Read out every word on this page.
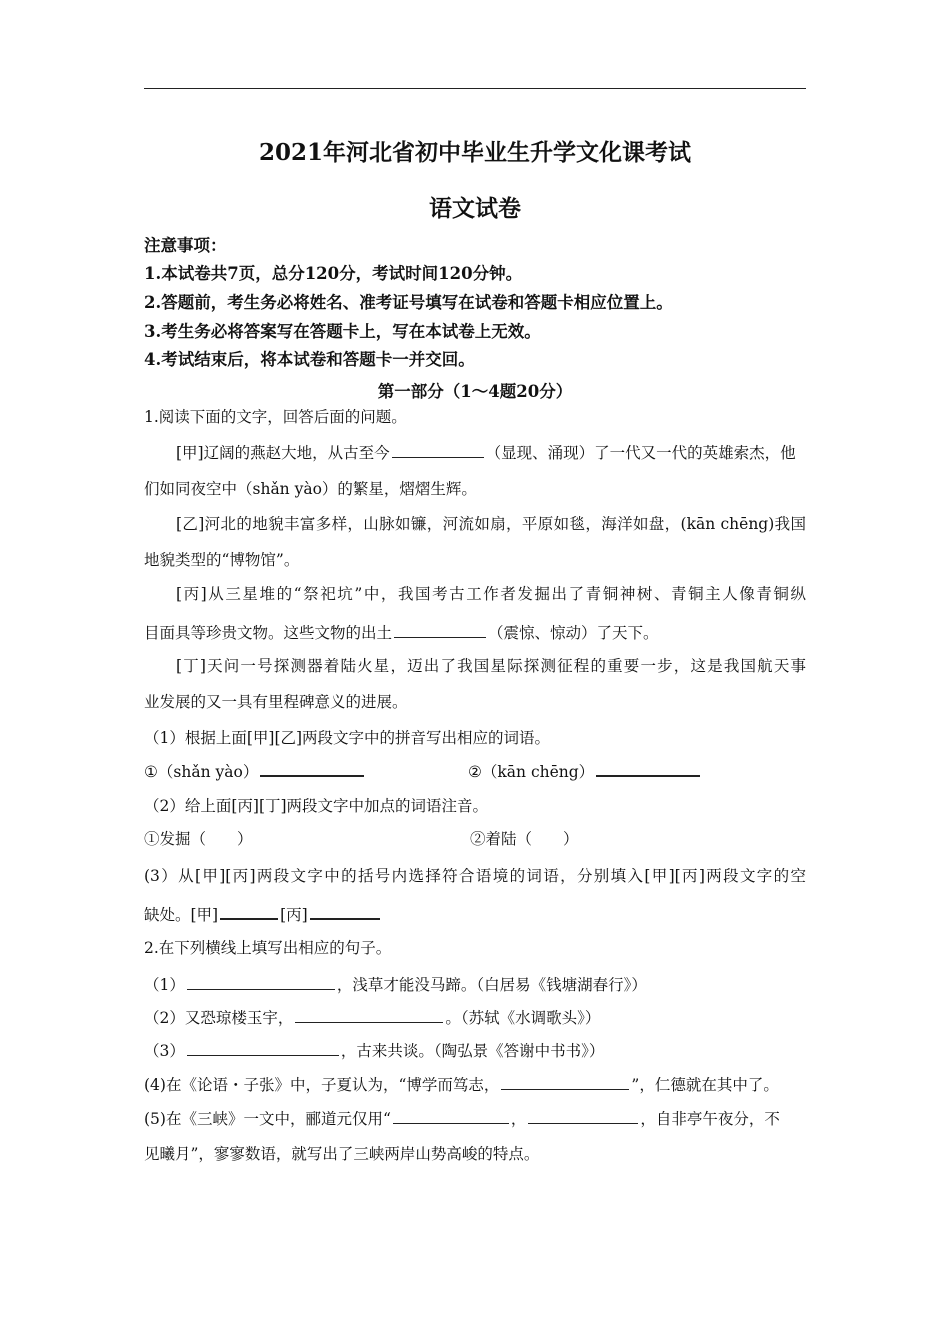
2021年河北省初中毕业生升学文化课考试
语文试卷
注意事项：
1.本试卷共7页，总分120分，考试时间120分钟。
2.答题前，考生务必将姓名、准考证号填写在试卷和答题卡相应位置上。
3.考生务必将答案写在答题卡上，写在本试卷上无效。
4.考试结束后，将本试卷和答题卡一并交回。
第一部分（1～4题20分）
1.阅读下面的文字，回答后面的问题。
[甲]辽阔的燕赵大地，从古至今	（显现、涌现）了一代又一代的英雄索杰，他
们如同夜空中（shǎn yào）的繁星，熠熠生辉。
[乙]河北的地貌丰富多样，山脉如镰，河流如扇，平原如毯，海洋如盘，(kān chēng)我国
地貌类型的“博物馆”。
[丙]从三星堆的“祭祀坑”中，我国考古工作者发掘出了青铜神树、青铜主人像青铜纵
目面具等珍贵文物。这些文物的出土	（震惊、惊动）了天下。
[丁]天问一号探测器着陆火星，迈出了我国星际探测征程的重要一步，这是我国航天事
业发展的又一具有里程碑意义的进展。
（1）根据上面[甲][乙]两段文字中的拼音写出相应的词语。
①（shǎn yào）	②（kān chēng）
（2）给上面[丙][丁]两段文字中加点的词语注音。
①发掘（　　）	②着陆（　　）
(3）从[甲][丙]两段文字中的括号内选择符合语境的词语，分别填入[甲][丙]两段文字的空
缺处。[甲]	[丙]
2.在下列横线上填写出相应的句子。
（1）	，浅草才能没马蹄。（白居易《钱塘湖春行》）
（2）又恐琼楼玉宇，	。（苏轼《水调歌头》）
（3）	，古来共谈。（陶弘景《答谢中书书》）
(4)在《论语・子张》中，子夏认为，“博学而笃志，	”，仁德就在其中了。
(5)在《三峡》一文中，郦道元仅用“	，	，自非亭午夜分，不
见曦月”，寥寥数语，就写出了三峡两岸山势高峻的特点。
